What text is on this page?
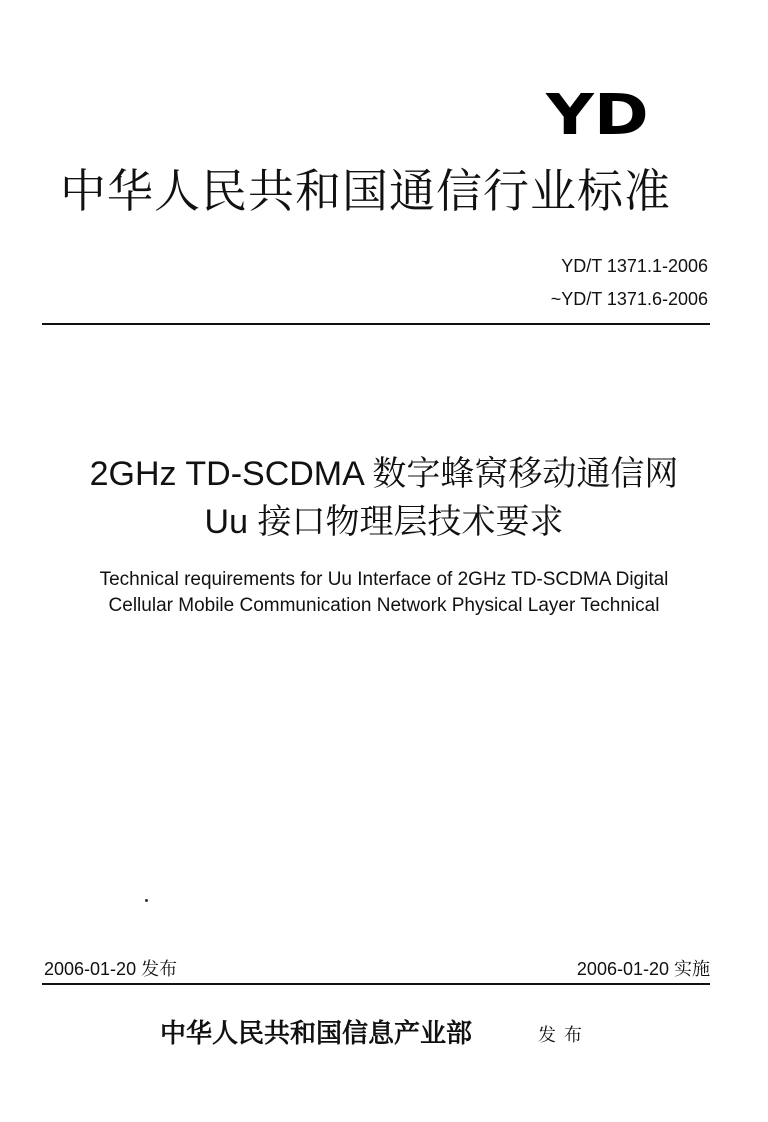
YD
中华人民共和国通信行业标准

YD/T 1371.1-2006

~YD/T 1371.6-2006

2GHz TD-SCDMA 数字蜂窝移动通信网
Uu 接口物理层技术要求

Technical requirements for Uu Interface of 2GHz TD-SCDMA Digital

Cellular Mobile Communication Network Physical Layer Technical

2006-01-20 发布	2006-01-20 实施

中华人民共和国信息产业部	发布
